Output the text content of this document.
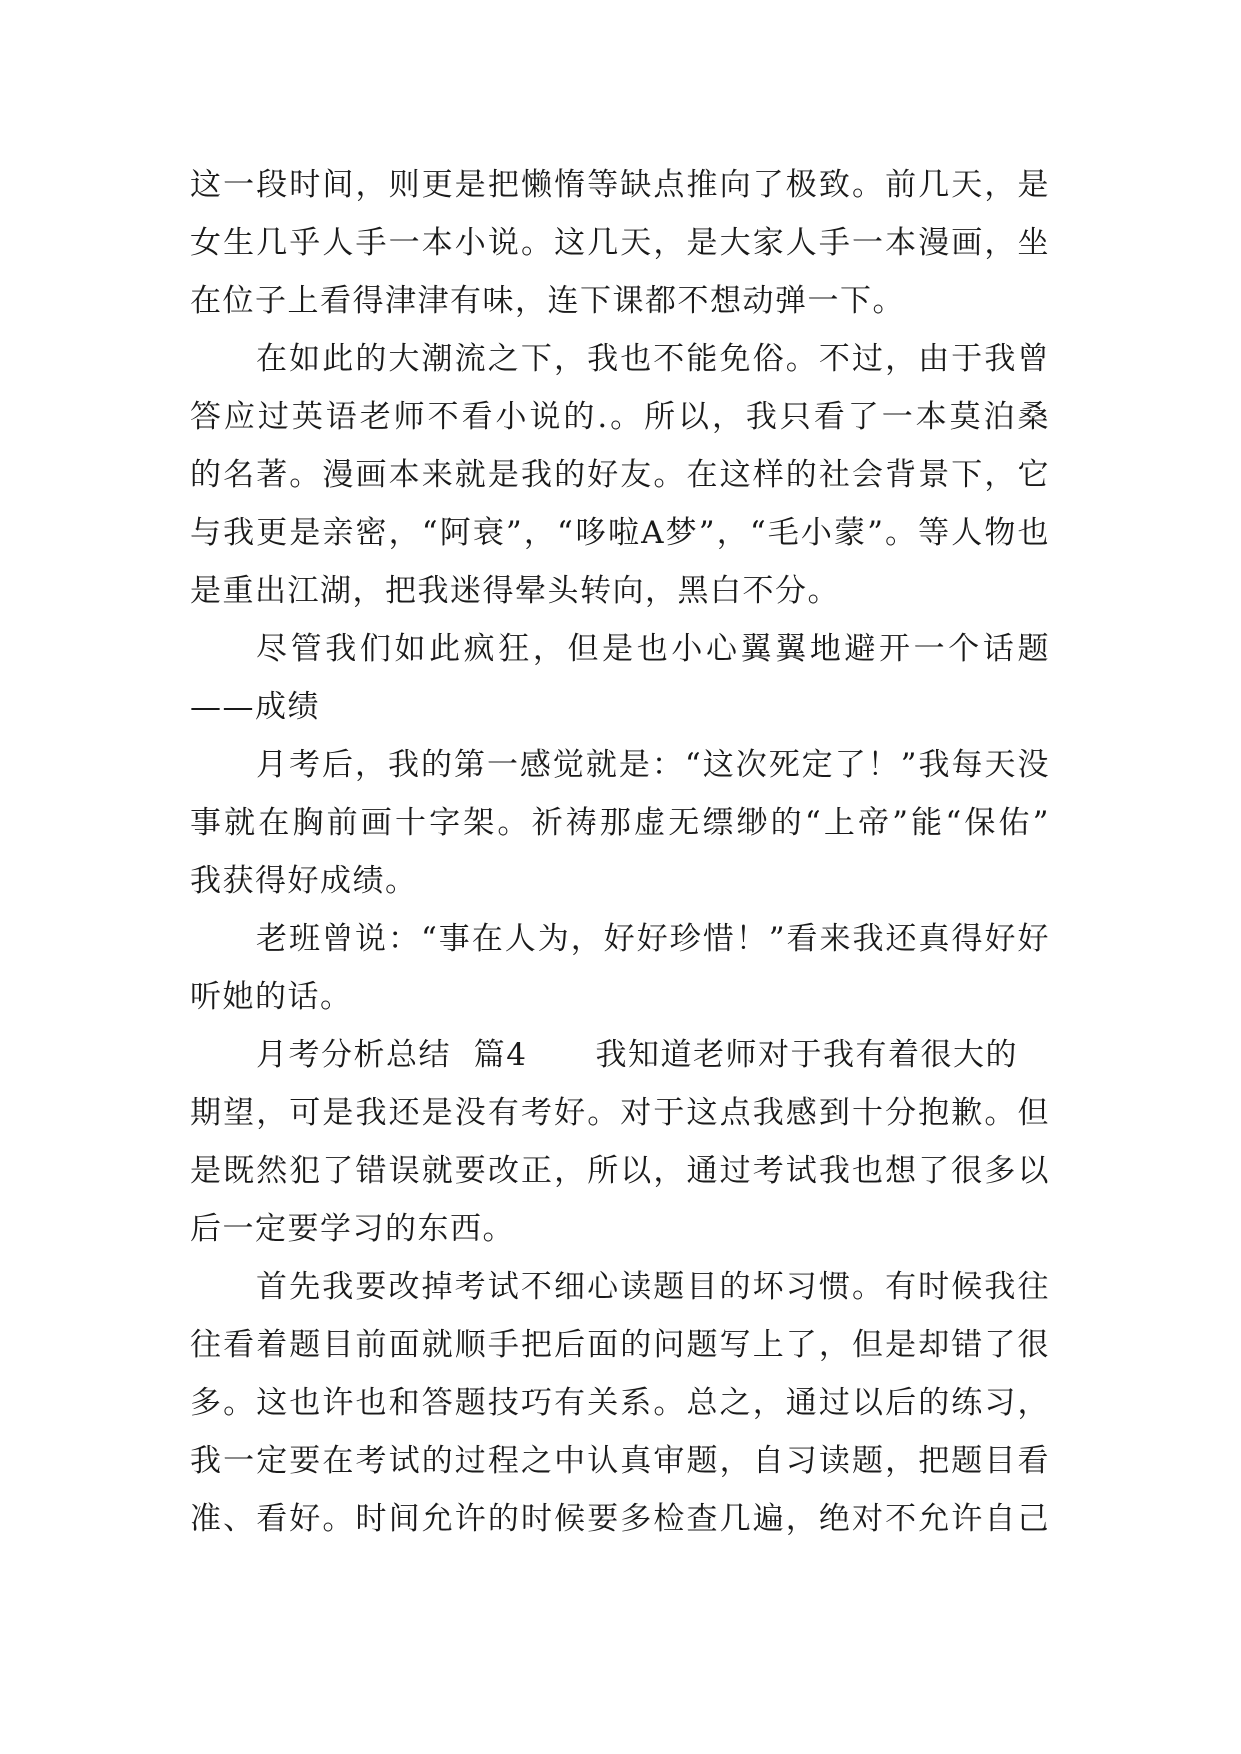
这一段时间，则更是把懒惰等缺点推向了极致。前几天，是
女生几乎人手一本小说。这几天，是大家人手一本漫画，坐
在位子上看得津津有味，连下课都不想动弹一下。
在如此的大潮流之下，我也不能免俗。不过，由于我曾
答应过英语老师不看小说的.。所以，我只看了一本莫泊桑
的名著。漫画本来就是我的好友。在这样的社会背景下，它
与我更是亲密，“阿衰”，“哆啦A梦”，“毛小蒙”。等人物也
是重出江湖，把我迷得晕头转向，黑白不分。
尽管我们如此疯狂，但是也小心翼翼地避开一个话题
——成绩
月考后，我的第一感觉就是：“这次死定了！”我每天没
事就在胸前画十字架。祈祷那虚无缥缈的“上帝”能“保佑”
我获得好成绩。
老班曾说：“事在人为，好好珍惜！”看来我还真得好好
听她的话。
月考分析总结  篇4      我知道老师对于我有着很大的
期望，可是我还是没有考好。对于这点我感到十分抱歉。但
是既然犯了错误就要改正，所以，通过考试我也想了很多以
后一定要学习的东西。
首先我要改掉考试不细心读题目的坏习惯。有时候我往
往看着题目前面就顺手把后面的问题写上了，但是却错了很
多。这也许也和答题技巧有关系。总之，通过以后的练习，
我一定要在考试的过程之中认真审题，自习读题，把题目看
准、看好。时间允许的时候要多检查几遍，绝对不允许自己
